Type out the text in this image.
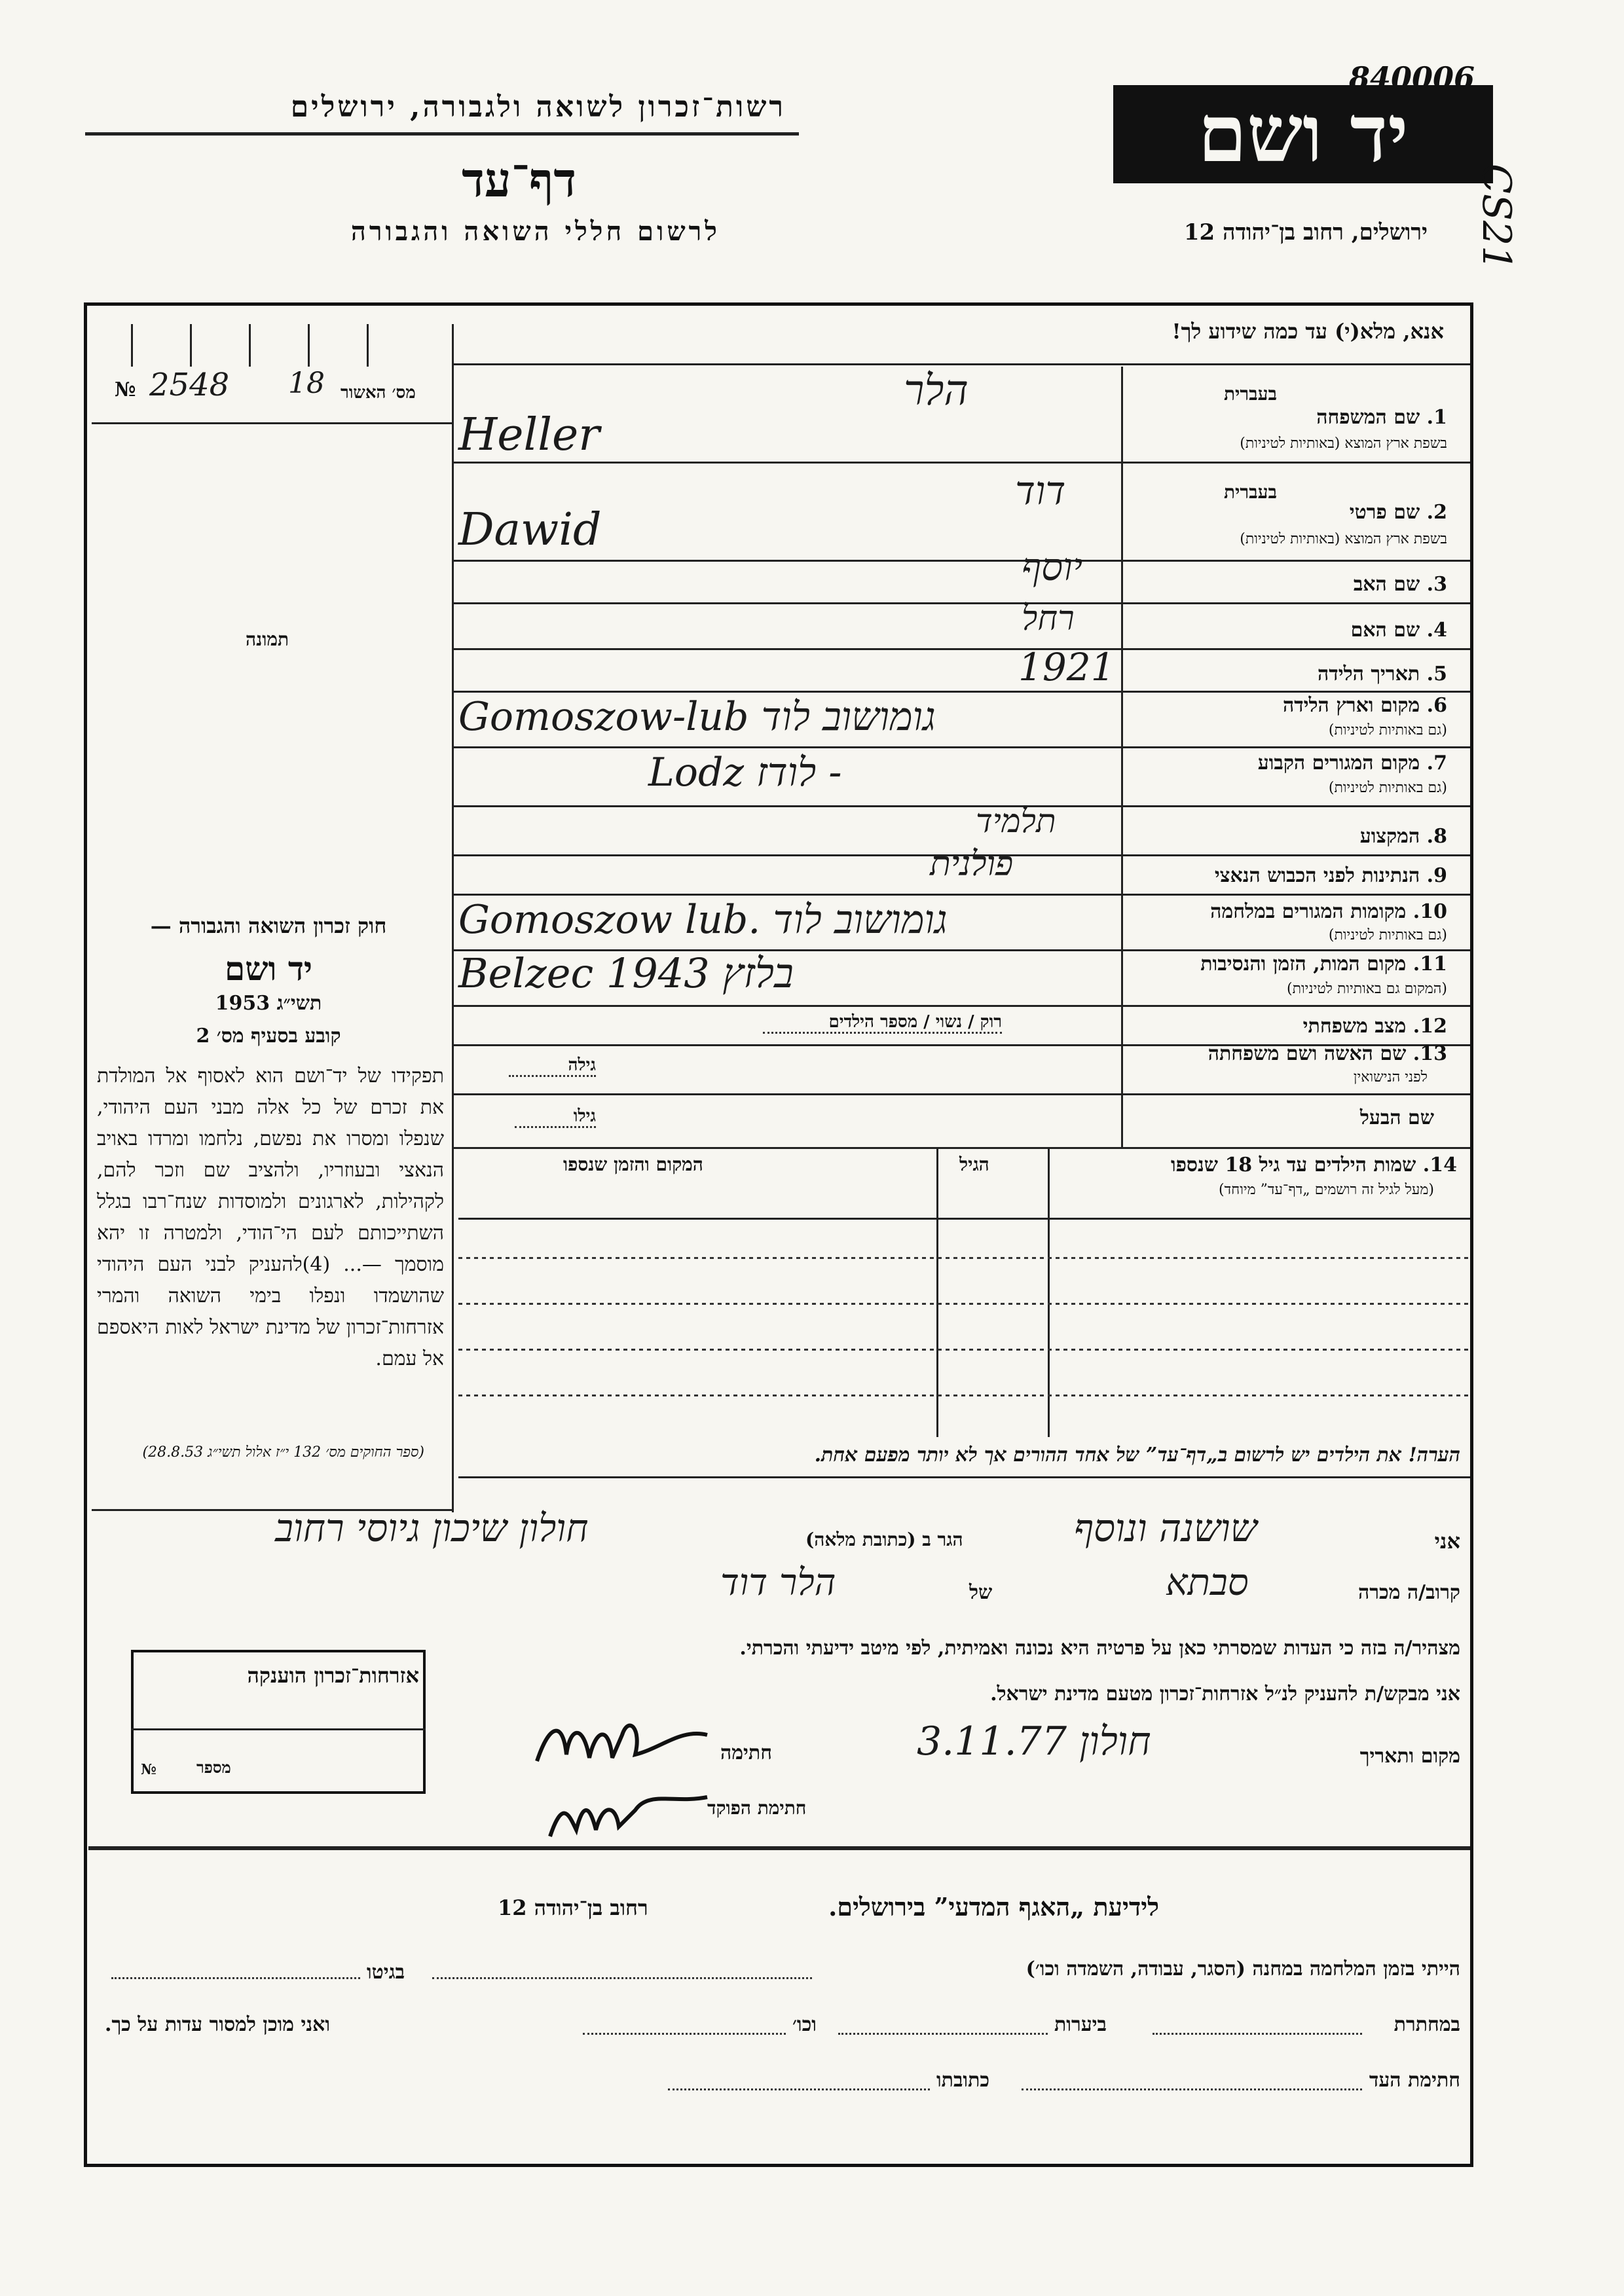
רשות־זכרון לשואה ולגבורה, ירושלים
דף־עד
לרשום חללי השואה והגבורה
יד ושם
840006
ירושלים, רחוב בן־יהודה 12 CS21
אנא, מלא(י) עד כמה שידוע לך!
№ 2548 18 מס׳ האשור
תמונה
1. שם המשפחה
בשפת ארץ המוצא (באותיות לטיניות)
בעברית
הלר
Heller
2. שם פרטי
בשפת ארץ המוצא (באותיות לטיניות)
בעברית
דוד
Dawid
3. שם האב
יוסף
4. שם האם
רחל
5. תאריך הלידה
1921
6. מקום וארץ הלידה
(גם באותיות לטיניות)
Gomoszow-lub גומושוב לוד
7. מקום המגורים הקבוע
(גם באותיות לטיניות)
Lodz לודז -
8. המקצוע
תלמיד
9. הנתינות לפני הכבוש הנאצי
פולנית
10. מקומות המגורים במלחמה
(גם באותיות לטיניות)
Gomoszow lub. גומושוב לוד
11. מקום המות, הזמן והנסיבות
(המקום גם באותיות לטיניות)
Belzec 1943 בלזץ
12. מצב משפחתי
רוק / נשוי / מספר הילדים
13. שם האשה ושם משפחתה
לפני הנישואין
גילה
שם הבעל
גילו
14. שמות הילדים עד גיל 18 שנספו
(מעל לגיל זה רושמים „דף־עד” מיוחד)
הגיל
המקום והזמן שנספו
הערה! את הילדים יש לרשום ב„דף־עד” של אחד ההורים אך לא יותר מפעם אחת.
חוק זכרון השואה והגבורה —
יד ושם
תשי״ג 1953
קובע בסעיף מס׳ 2
תפקידו של יד־ושם הוא לאסוף אל המולדת את זכרם של כל אלה מבני העם היהודי, שנפלו ומסרו את נפשם, נלחמו ומרדו באויב הנאצי ובעוזריו, ולהציב שם וזכר להם, לקהילות, לארגונים ולמוסדות שנח־רבו בגלל השתייכותם לעם הי־הודי, ולמטרה זו יהא מוסמך —... (4)להעניק לבני העם היהודי שהושמדו ונפלו בימי השואה והמרי אזרחות־זכרון של מדינת ישראל לאות היאספם אל עמם.
(ספר החוקים מס׳ 132 י״ז אלול תשי״ג 28.8.53)
אני
שושנה ונוסף
הגר ב (כתובת מלאה)
חולון שיכון גיוסי רחוב
קרוב/ה מכרה
סבתא
של
הלר דוד
מצהיר/ה בזה כי העדות שמסרתי כאן על פרטיה היא נכונה ואמיתית, לפי מיטב ידיעתי והכרתי.
אני מבקש/ת להעניק לנ״ל אזרחות־זכרון מטעם מדינת ישראל.
מקום ותאריך
חולון 3.11.77
חתימה
חתימת הפוקד
אזרחות־זכרון הוענקה
מספר
№
לידיעת „האגף המדעי” בירושלים.
רחוב בן־יהודה 12
הייתי בזמן המלחמה במחנה (הסגר, עבודה, השמדה וכו׳)
בגיטו
במחתרת
ביערות
וכו׳
ואני מוכן למסור עדות על כך.
חתימת העד
כתובתו
